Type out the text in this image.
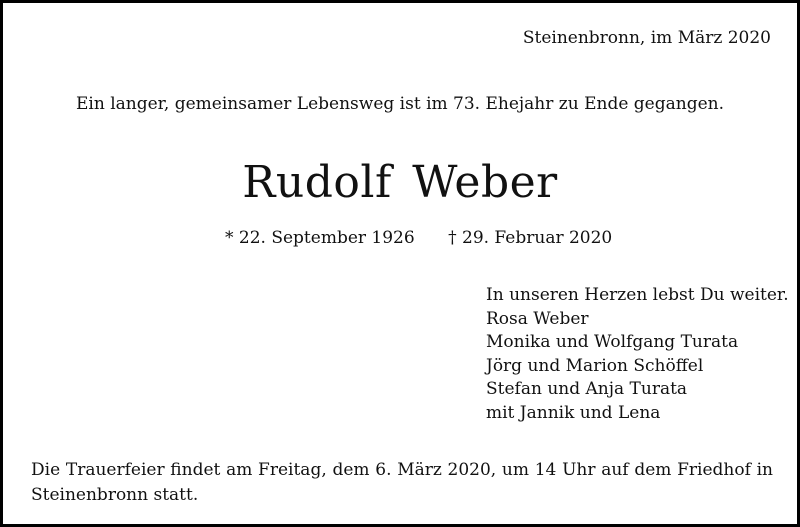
Steinenbronn, im März 2020
Ein langer, gemeinsamer Lebensweg ist im 73. Ehejahr zu Ende gegangen.
Rudolf Weber
* 22. September 1926 † 29. Februar 2020
In unseren Herzen lebst Du weiter.
Rosa Weber
Monika und Wolfgang Turata
Jörg und Marion Schöffel
Stefan und Anja Turata
mit Jannik und Lena
Die Trauerfeier findet am Freitag, dem 6. März 2020, um 14 Uhr auf dem Friedhof in Steinenbronn statt.
